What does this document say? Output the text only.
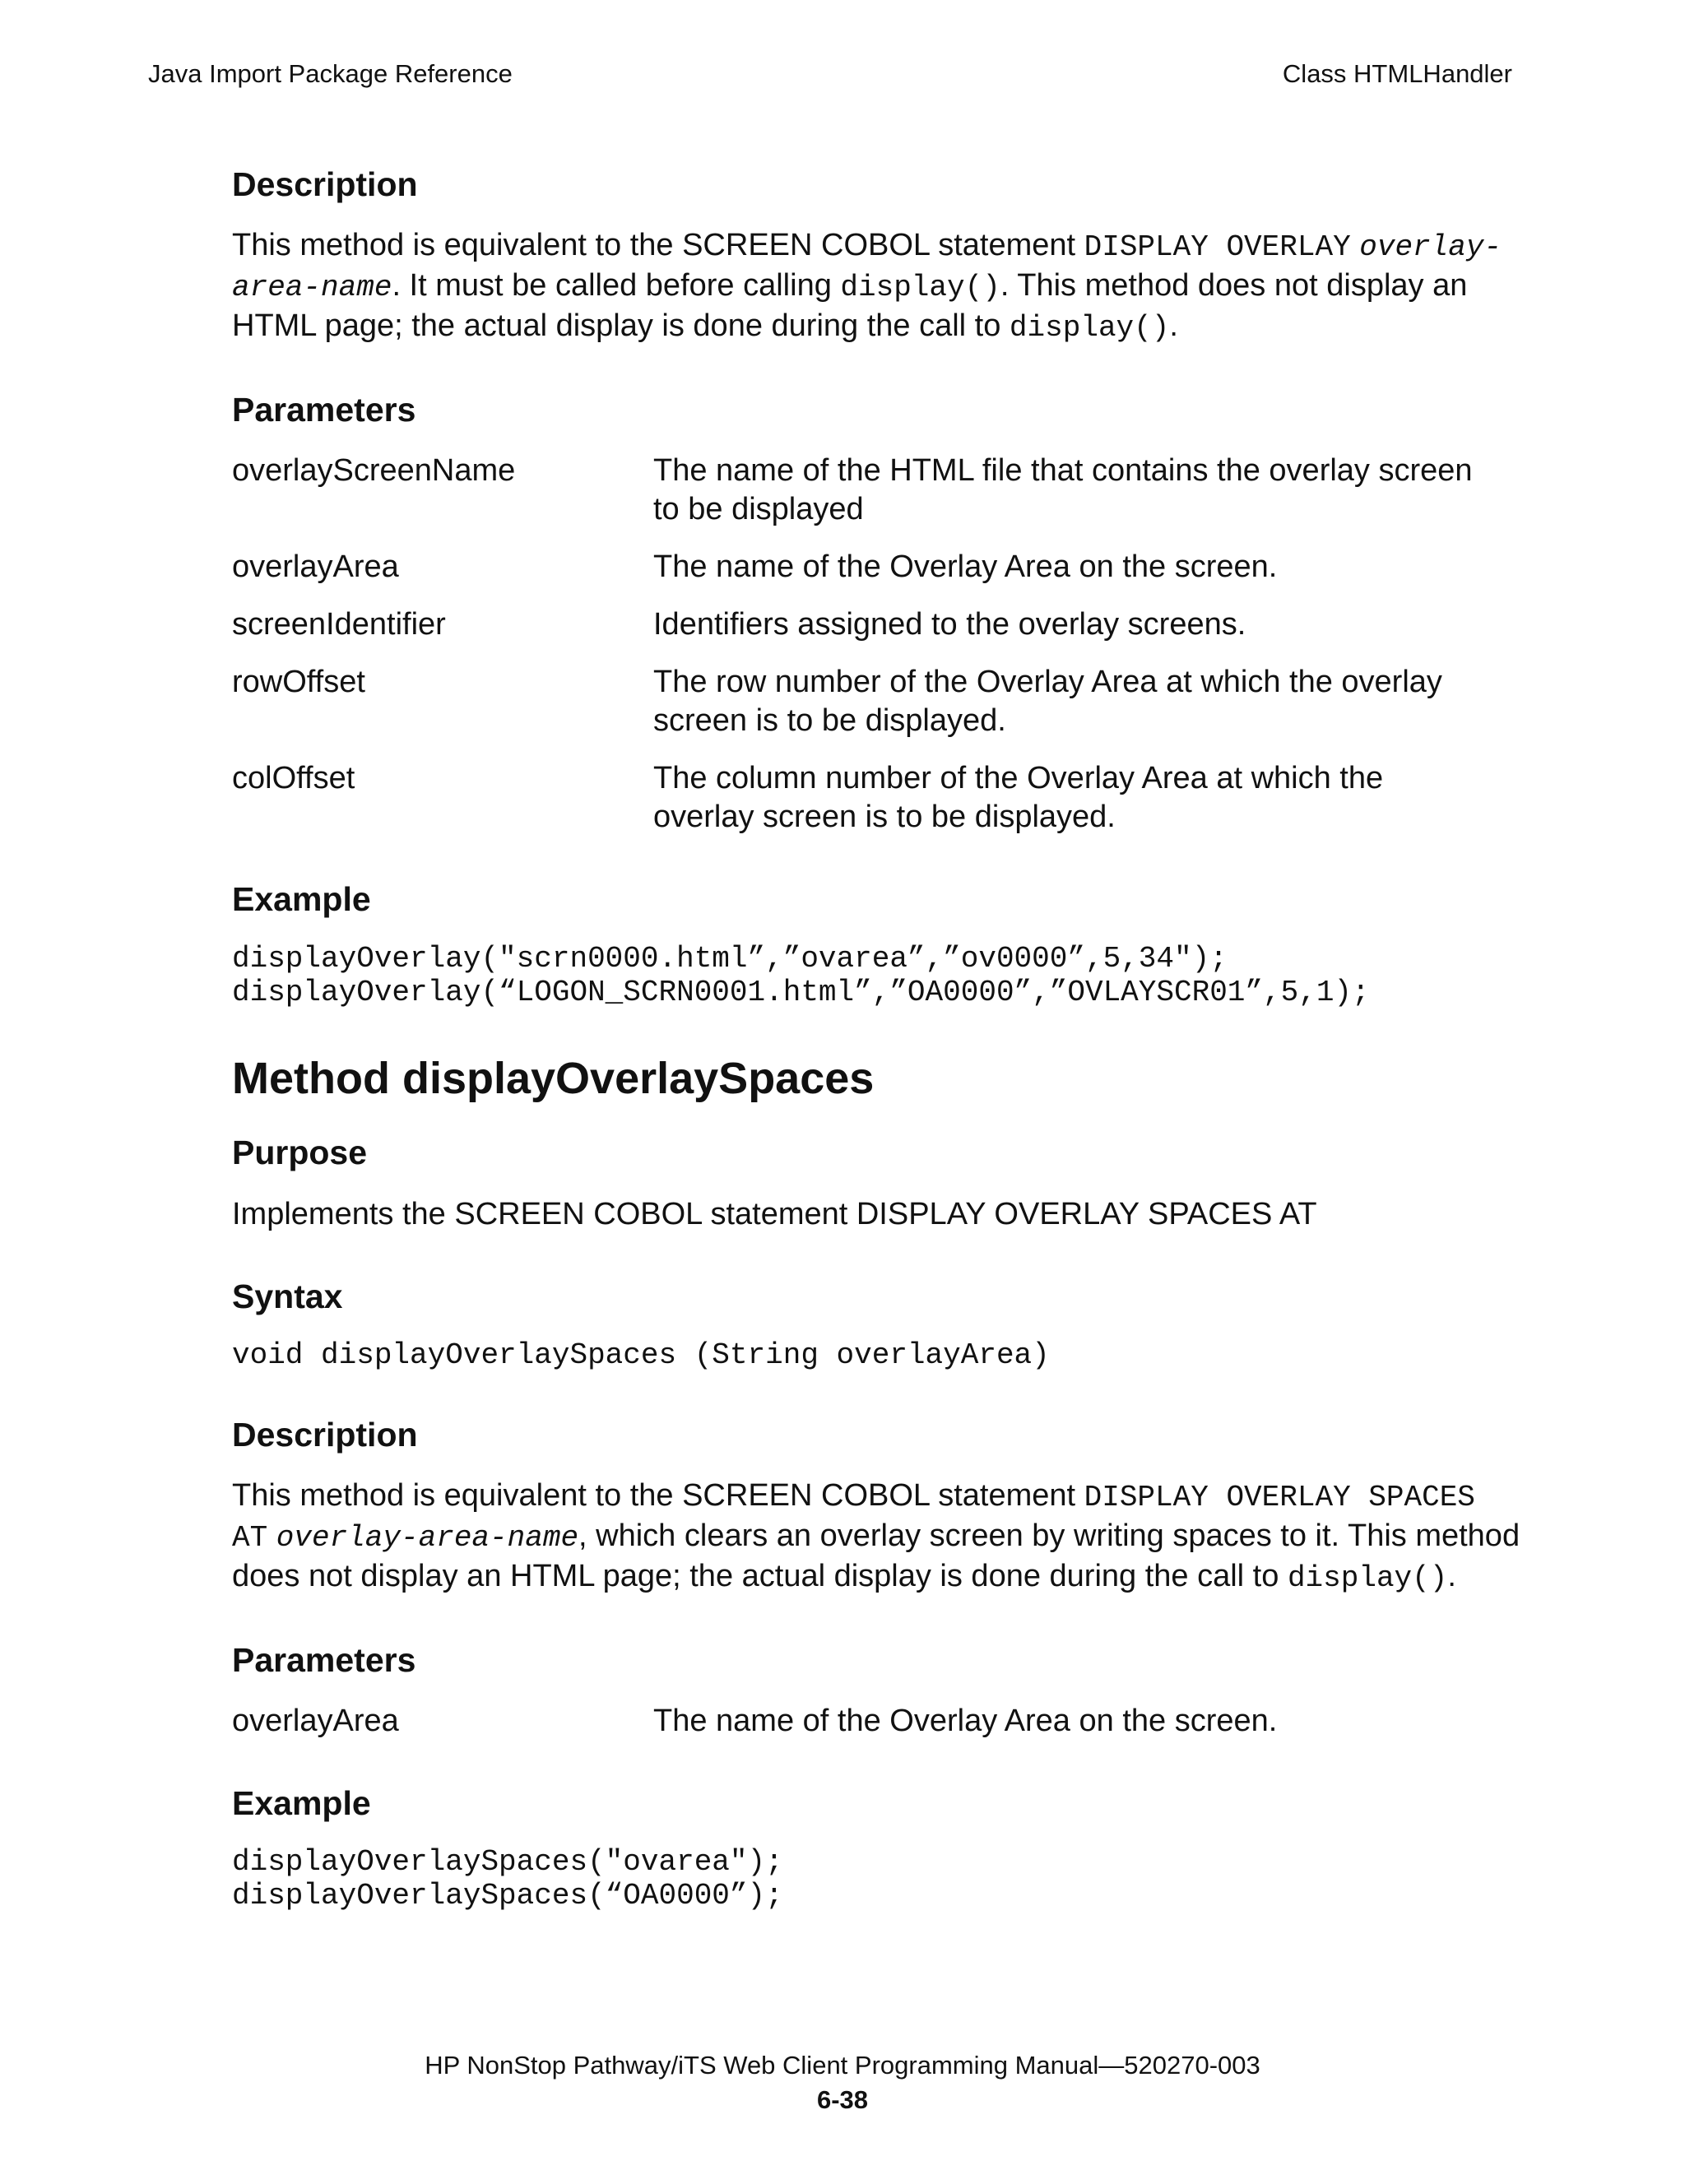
Java Import Package Reference	Class HTMLHandler
Description
This method is equivalent to the SCREEN COBOL statement DISPLAY OVERLAY overlay-area-name. It must be called before calling display(). This method does not display an HTML page; the actual display is done during the call to display().
Parameters
overlayScreenName	The name of the HTML file that contains the overlay screen to be displayed
overlayArea	The name of the Overlay Area on the screen.
screenIdentifier	Identifiers assigned to the overlay screens.
rowOffset	The row number of the Overlay Area at which the overlay screen is to be displayed.
colOffset	The column number of the Overlay Area at which the overlay screen is to be displayed.
Example
displayOverlay("scrn0000.html”,”ovarea”,”ov0000”,5,34");
displayOverlay(“LOGON_SCRN0001.html”,”OA0000”,”OVLAYSCR01”,5,1);
Method displayOverlaySpaces
Purpose
Implements the SCREEN COBOL statement DISPLAY OVERLAY SPACES AT
Syntax
void displayOverlaySpaces (String overlayArea)
Description
This method is equivalent to the SCREEN COBOL statement DISPLAY OVERLAY SPACES AT overlay-area-name, which clears an overlay screen by writing spaces to it. This method does not display an HTML page; the actual display is done during the call to display().
Parameters
overlayArea	The name of the Overlay Area on the screen.
Example
displayOverlaySpaces("ovarea");
displayOverlaySpaces(“OA0000”);
HP NonStop Pathway/iTS Web Client Programming Manual—520270-003
6-38
